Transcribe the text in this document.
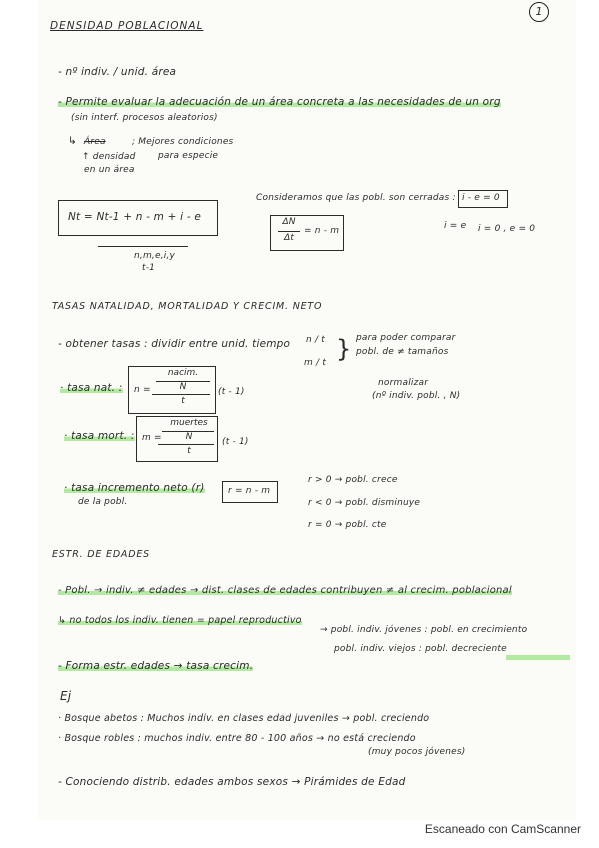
1
DENSIDAD POBLACIONAL
- nº indiv. / unid. área
- Permite evaluar la adecuación de un área concreta a las necesidades de un org
(sin interf. procesos aleatorios)
↳ Área	; Mejores condiciones
↑ densidad	para especie
en un área
Nt = Nt-1 + n - m + i - e
n,m,e,i,y
t-1
Consideramos que las pobl. son cerradas : i - e = 0
i = e i = 0 , e = 0
ΔN
Δt
= n - m
TASAS NATALIDAD, MORTALIDAD Y CRECIM. NETO
- obtener tasas : dividir entre unid. tiempo n / t
m / t } para poder comparar
pobl. de ≠ tamaños
normalizar
(nº indiv. pobl. , N)
· tasa nat. : n =
nacim.
N
t
(t - 1)
· tasa mort. : m =
muertes
N
t
(t - 1)
· tasa incremento neto (r)
de la pobl.
r = n - m
r > 0 → pobl. crece
r < 0 → pobl. disminuye
r = 0 → pobl. cte
ESTR. DE EDADES
- Pobl. → indiv. ≠ edades → dist. clases de edades contribuyen ≠ al crecim. poblacional
↳ no todos los indiv. tienen = papel reproductivo
→ pobl. indiv. jóvenes : pobl. en crecimiento
pobl. indiv. viejos : pobl. decreciente
- Forma estr. edades → tasa crecim.
Ej
· Bosque abetos : Muchos indiv. en clases edad juveniles → pobl. creciendo
· Bosque robles : muchos indiv. entre 80 - 100 años → no está creciendo
(muy pocos jóvenes)
- Conociendo distrib. edades ambos sexos → Pirámides de Edad
Escaneado con CamScanner
